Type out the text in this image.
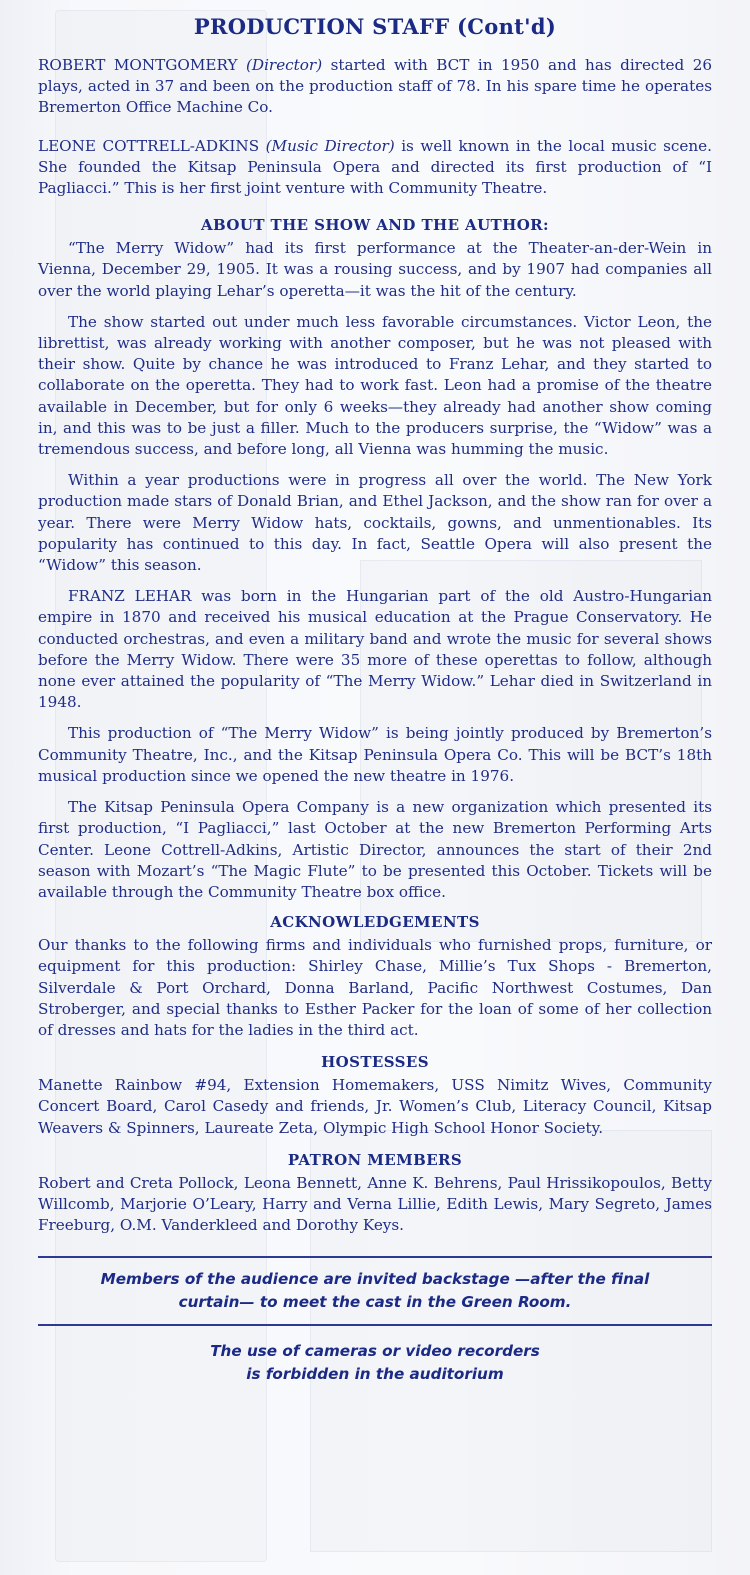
PRODUCTION STAFF (Cont'd)

ROBERT MONTGOMERY (Director) started with BCT in 1950 and has directed 26 plays, acted in 37 and been on the production staff of 78. In his spare time he operates Bremerton Office Machine Co.

LEONE COTTRELL-ADKINS (Music Director) is well known in the local music scene. She founded the Kitsap Peninsula Opera and directed its first production of “I Pagliacci.” This is her first joint venture with Community Theatre.

ABOUT THE SHOW AND THE AUTHOR:

“The Merry Widow” had its first performance at the Theater-an-der-Wein in Vienna, December 29, 1905. It was a rousing success, and by 1907 had companies all over the world playing Lehar’s operetta—it was the hit of the century.

The show started out under much less favorable circumstances. Victor Leon, the librettist, was already working with another composer, but he was not pleased with their show. Quite by chance he was introduced to Franz Lehar, and they started to collaborate on the operetta. They had to work fast. Leon had a promise of the theatre available in December, but for only 6 weeks—they already had another show coming in, and this was to be just a filler. Much to the producers surprise, the “Widow” was a tremendous success, and before long, all Vienna was humming the music.

Within a year productions were in progress all over the world. The New York production made stars of Donald Brian, and Ethel Jackson, and the show ran for over a year. There were Merry Widow hats, cocktails, gowns, and unmentionables. Its popularity has continued to this day. In fact, Seattle Opera will also present the “Widow” this season.

FRANZ LEHAR was born in the Hungarian part of the old Austro-Hungarian empire in 1870 and received his musical education at the Prague Conservatory. He conducted orchestras, and even a military band and wrote the music for several shows before the Merry Widow. There were 35 more of these operettas to follow, although none ever attained the popularity of “The Merry Widow.” Lehar died in Switzerland in 1948.

This production of “The Merry Widow” is being jointly produced by Bremerton’s Community Theatre, Inc., and the Kitsap Peninsula Opera Co. This will be BCT’s 18th musical production since we opened the new theatre in 1976.

The Kitsap Peninsula Opera Company is a new organization which presented its first production, “I Pagliacci,” last October at the new Bremerton Performing Arts Center. Leone Cottrell-Adkins, Artistic Director, announces the start of their 2nd season with Mozart’s “The Magic Flute” to be presented this October. Tickets will be available through the Community Theatre box office.

ACKNOWLEDGEMENTS

Our thanks to the following firms and individuals who furnished props, furniture, or equipment for this production: Shirley Chase, Millie’s Tux Shops - Bremerton, Silverdale & Port Orchard, Donna Barland, Pacific Northwest Costumes, Dan Stroberger, and special thanks to Esther Packer for the loan of some of her collection of dresses and hats for the ladies in the third act.

HOSTESSES

Manette Rainbow #94, Extension Homemakers, USS Nimitz Wives, Community Concert Board, Carol Casedy and friends, Jr. Women’s Club, Literacy Council, Kitsap Weavers & Spinners, Laureate Zeta, Olympic High School Honor Society.

PATRON MEMBERS

Robert and Creta Pollock, Leona Bennett, Anne K. Behrens, Paul Hrissikopoulos, Betty Willcomb, Marjorie O’Leary, Harry and Verna Lillie, Edith Lewis, Mary Segreto, James Freeburg, O.M. Vanderkleed and Dorothy Keys.

Members of the audience are invited backstage —after the final
curtain— to meet the cast in the Green Room.
The use of cameras or video recorders
is forbidden in the auditorium
